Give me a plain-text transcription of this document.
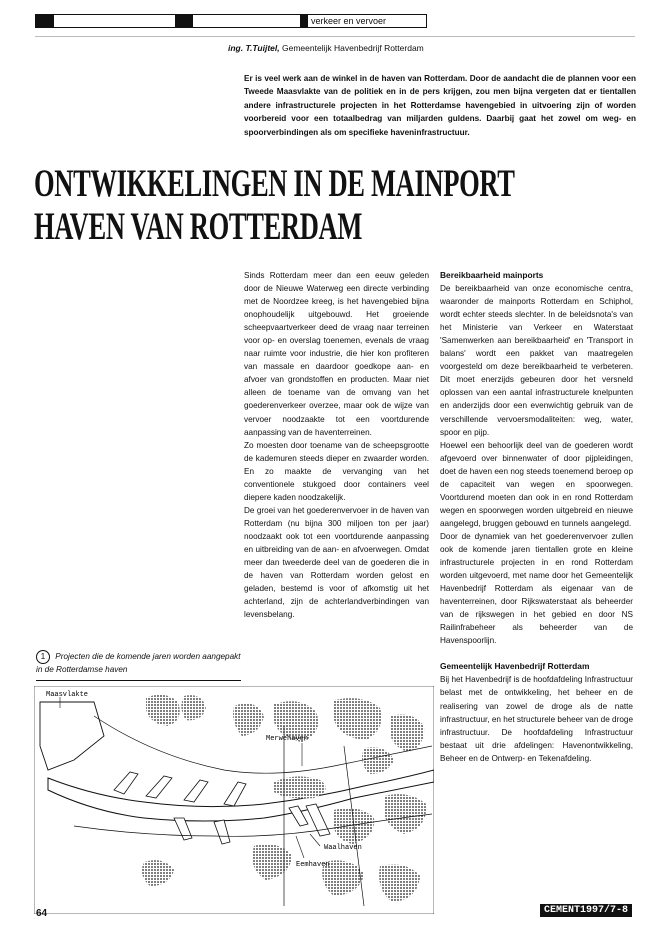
verkeer en vervoer
ing. T.Tuijtel, Gemeentelijk Havenbedrijf Rotterdam
Er is veel werk aan de winkel in de haven van Rotterdam. Door de aandacht die de plannen voor een Tweede Maasvlakte van de politiek en in de pers krijgen, zou men bijna vergeten dat er tientallen andere infrastructurele projecten in het Rotterdamse havengebied in uitvoering zijn of worden voorbereid voor een totaalbedrag van miljarden guldens. Daarbij gaat het zowel om weg- en spoorverbindingen als om specifieke haveninfrastructuur.
ONTWIKKELINGEN IN DE MAINPORT
HAVEN VAN ROTTERDAM

Sinds Rotterdam meer dan een eeuw geleden door de Nieuwe Waterweg een directe verbinding met de Noordzee kreeg, is het havengebied bijna onophoudelijk uitgebouwd. Het groeiende scheepvaartverkeer deed de vraag naar terreinen voor op- en overslag toenemen, evenals de vraag naar ruimte voor industrie, die hier kon profiteren van massale en daardoor goedkope aan- en afvoer van grondstoffen en producten. Maar niet alleen de toename van de omvang van het goederenverkeer overzee, maar ook de wijze van vervoer noodzaakte tot een voortdurende aanpassing van de haventerreinen.

Zo moesten door toename van de scheepsgrootte de kademuren steeds dieper en zwaarder worden. En zo maakte de vervanging van het conventionele stukgoed door containers veel diepere kaden noodzakelijk.

De groei van het goederenvervoer in de haven van Rotterdam (nu bijna 300 miljoen ton per jaar) noodzaakt ook tot een voortdurende aanpassing en uitbreiding van de aan- en afvoerwegen. Omdat meer dan tweederde deel van de goederen die in de haven van Rotterdam worden gelost en geladen, bestemd is voor of afkomstig uit het achterland, zijn de achterlandverbindingen van levensbelang.

Bereikbaarheid mainports

De bereikbaarheid van onze economische centra, waaronder de mainports Rotterdam en Schiphol, wordt echter steeds slechter. In de beleidsnota's van het Ministerie van Verkeer en Waterstaat 'Samenwerken aan bereikbaarheid' en 'Transport in balans' wordt een pakket van maatregelen voorgesteld om deze bereikbaarheid te verbeteren. Dit moet enerzijds gebeuren door het versneld oplossen van een aantal infrastructurele knelpunten en anderzijds door een evenwichtig gebruik van de verschillende vervoersmodaliteiten: weg, water, spoor en pijp.

Hoewel een behoorlijk deel van de goederen wordt afgevoerd over binnenwater of door pijpleidingen, doet de haven een nog steeds toenemend beroep op de capaciteit van wegen en spoorwegen. Voortdurend moeten dan ook in en rond Rotterdam wegen en spoorwegen worden uitgebreid en nieuwe aangelegd, bruggen gebouwd en tunnels aangelegd.

Door de dynamiek van het goederenvervoer zullen ook de komende jaren tientallen grote en kleine infrastructurele projecten in en rond Rotterdam worden uitgevoerd, met name door het Gemeentelijk Havenbedrijf Rotterdam als eigenaar van de haventerreinen, door Rijkswaterstaat als beheerder van de rijkswegen in het gebied en door NS Railinfrabeheer als beheerder van de Havenspoorlijn.

Gemeentelijk Havenbedrijf Rotterdam

Bij het Havenbedrijf is de hoofdafdeling Infrastructuur belast met de ontwikkeling, het beheer en de realisering van zowel de droge als de natte infrastructuur, en het structurele beheer van de droge infrastructuur. De hoofdafdeling Infrastructuur bestaat uit drie afdelingen: Havenontwikkeling, Beheer en de Ontwerp- en Tekenafdeling.

1 Projecten die de komende jaren worden aangepakt in de Rotterdamse haven
Maasvlakte
Merwehaven
Waalhaven
Eemhaven
64	CEMENT1997/7-8
